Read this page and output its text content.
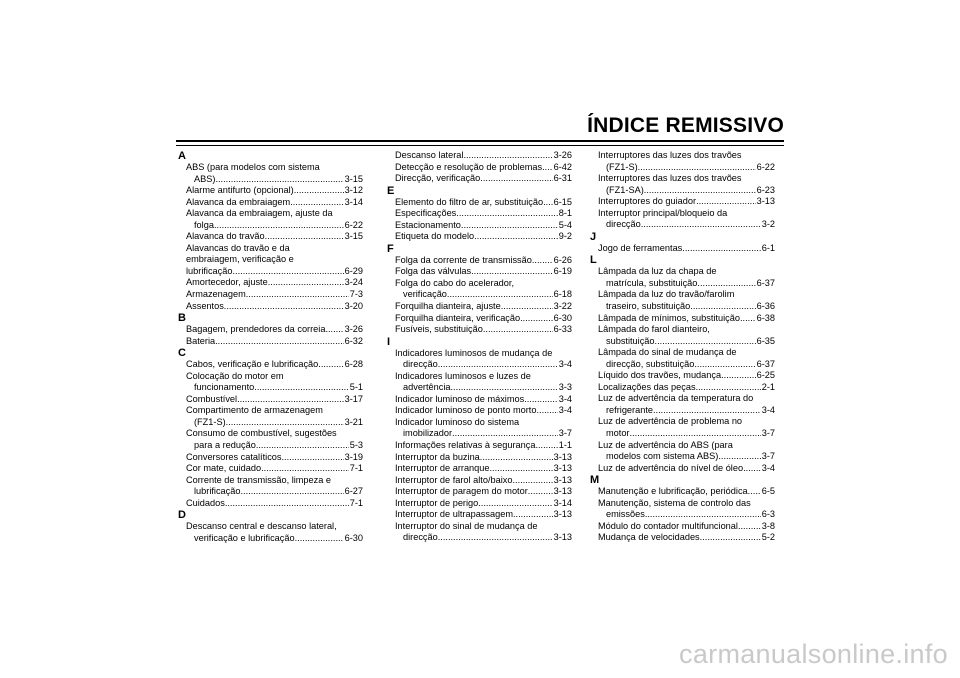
ÍNDICE REMISSIVO
A
ABS (para modelos com sistema
ABS) .....	3-15
Alarme antifurto (opcional) .....	3-12
Alavanca da embraiagem .....	3-14
Alavanca da embraiagem, ajuste da
folga .....	6-22
Alavanca do travão .....	3-15
Alavancas do travão e da
embraiagem, verificação e
lubrificação .....	6-29
Amortecedor, ajuste .....	3-24
Armazenagem .....	7-3
Assentos .....	3-20
B
Bagagem, prendedores da correia ..... 3-26
Bateria .....	6-32
C
Cabos, verificação e lubrificação .....	6-28
Colocação do motor em
funcionamento .....	5-1
Combustível .....	3-17
Compartimento de armazenagem
(FZ1-S) .....	3-21
Consumo de combustível, sugestões
para a redução .....	5-3
Conversores catalíticos .....	3-19
Cor mate, cuidado .....	7-1
Corrente de transmissão, limpeza e
lubrificação .....	6-27
Cuidados .....	7-1
D
Descanso central e descanso lateral,
verificação e lubrificação .....	6-30
Descanso lateral .....	3-26
Detecção e resolução de problemas ..... 6-42
Direcção, verificação .....	6-31
E
Elemento do filtro de ar, substituição ..... 6-15
Especificações .....	8-1
Estacionamento .....	5-4
Etiqueta do modelo .....	9-2
F
Folga da corrente de transmissão ..... 6-26
Folga das válvulas .....	6-19
Folga do cabo do acelerador,
verificação .....	6-18
Forquilha dianteira, ajuste .....	3-22
Forquilha dianteira, verificação .....	6-30
Fusíveis, substituição .....	6-33
I
Indicadores luminosos de mudança de
direcção .....	3-4
Indicadores luminosos e luzes de
advertência .....	3-3
Indicador luminoso de máximos .....	3-4
Indicador luminoso de ponto morto ..... 3-4
Indicador luminoso do sistema
imobilizador .....	3-7
Informações relativas à segurança .....	1-1
Interruptor da buzina .....	3-13
Interruptor de arranque .....	3-13
Interruptor de farol alto/baixo .....	3-13
Interruptor de paragem do motor .....	3-13
Interruptor de perigo .....	3-14
Interruptor de ultrapassagem .....	3-13
Interruptor do sinal de mudança de
direcção .....	3-13
Interruptores das luzes dos travões
(FZ1-S) .....	6-22
Interruptores das luzes dos travões
(FZ1-SA) .....	6-23
Interruptores do guiador .....	3-13
Interruptor principal/bloqueio da
direcção .....	3-2
J
Jogo de ferramentas .....	6-1
L
Lâmpada da luz da chapa de
matrícula, substituição .....	6-37
Lâmpada da luz do travão/farolim
traseiro, substituição .....	6-36
Lâmpada de mínimos, substituição ..... 6-38
Lâmpada do farol dianteiro,
substituição .....	6-35
Lâmpada do sinal de mudança de
direcção, substituição .....	6-37
Líquido dos travões, mudança .....	6-25
Localizações das peças .....	2-1
Luz de advertência da temperatura do
refrigerante .....	3-4
Luz de advertência de problema no
motor .....	3-7
Luz de advertência do ABS (para
modelos com sistema ABS) .....	3-7
Luz de advertência do nível de óleo ..... 3-4
M
Manutenção e lubrificação, periódica ..... 6-5
Manutenção, sistema de controlo das
emissões .....	6-3
Módulo do contador multifuncional .....	3-8
Mudança de velocidades .....	5-2
carmanualsonline.info
